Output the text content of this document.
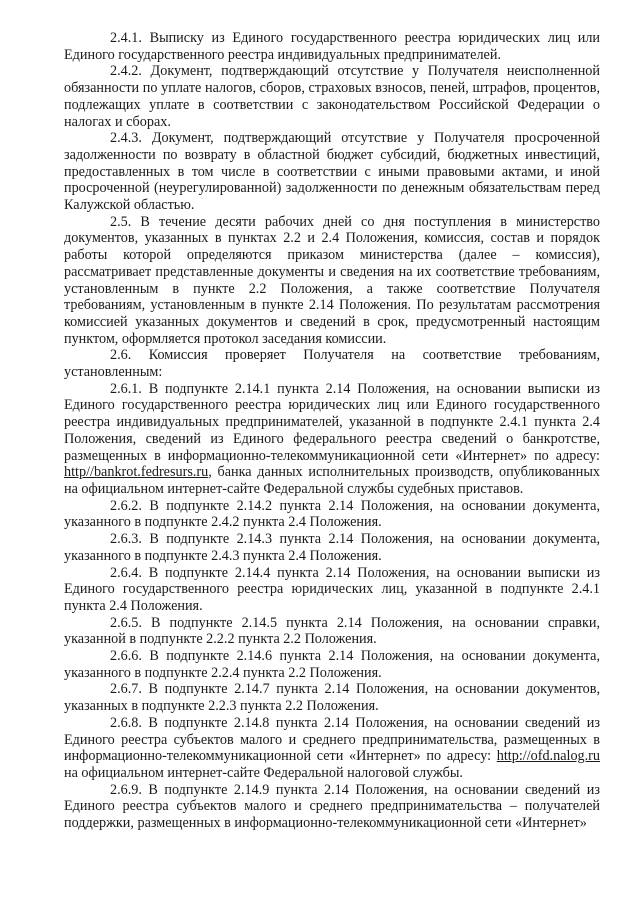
2.4.1. Выписку из Единого государственного реестра юридических лиц или Единого государственного реестра индивидуальных предпринимателей.

2.4.2. Документ, подтверждающий отсутствие у Получателя неисполненной обязанности по уплате налогов, сборов, страховых взносов, пеней, штрафов, процентов, подлежащих уплате в соответствии с законодательством Российской Федерации о налогах и сборах.

2.4.3. Документ, подтверждающий отсутствие у Получателя просроченной задолженности по возврату в областной бюджет субсидий, бюджетных инвестиций, предоставленных в том числе в соответствии с иными правовыми актами, и иной просроченной (неурегулированной) задолженности по денежным обязательствам перед Калужской областью.

2.5. В течение десяти рабочих дней со дня поступления в министерство документов, указанных в пунктах 2.2 и 2.4 Положения, комиссия, состав и порядок работы которой определяются приказом министерства (далее – комиссия), рассматривает представленные документы и сведения на их соответствие требованиям, установленным в пункте 2.2 Положения, а также соответствие Получателя требованиям, установленным в пункте 2.14 Положения. По результатам рассмотрения комиссией указанных документов и сведений в срок, предусмотренный настоящим пунктом, оформляется протокол заседания комиссии.

2.6. Комиссия проверяет Получателя на соответствие требованиям, установленным:

2.6.1. В подпункте 2.14.1 пункта 2.14 Положения, на основании выписки из Единого государственного реестра юридических лиц или Единого государственного реестра индивидуальных предпринимателей, указанной в подпункте 2.4.1 пункта 2.4 Положения, сведений из Единого федерального реестра сведений о банкротстве, размещенных в информационно-телекоммуникационной сети «Интернет» по адресу: http//bankrot.fedresurs.ru, банка данных исполнительных производств, опубликованных на официальном интернет-сайте Федеральной службы судебных приставов.

2.6.2. В подпункте 2.14.2 пункта 2.14 Положения, на основании документа, указанного в подпункте 2.4.2 пункта 2.4 Положения.

2.6.3. В подпункте 2.14.3 пункта 2.14 Положения, на основании документа, указанного в подпункте 2.4.3 пункта 2.4 Положения.

2.6.4. В подпункте 2.14.4 пункта 2.14 Положения, на основании выписки из Единого государственного реестра юридических лиц, указанной в подпункте 2.4.1 пункта 2.4 Положения.

2.6.5. В подпункте 2.14.5 пункта 2.14 Положения, на основании справки, указанной в подпункте 2.2.2 пункта 2.2 Положения.

2.6.6. В подпункте 2.14.6 пункта 2.14 Положения, на основании документа, указанного в подпункте 2.2.4 пункта 2.2 Положения.

2.6.7. В подпункте 2.14.7 пункта 2.14 Положения, на основании документов, указанных в подпункте 2.2.3 пункта 2.2 Положения.

2.6.8. В подпункте 2.14.8 пункта 2.14 Положения, на основании сведений из Единого реестра субъектов малого и среднего предпринимательства, размещенных в информационно-телекоммуникационной сети «Интернет» по адресу: http://ofd.nalog.ru на официальном интернет-сайте Федеральной налоговой службы.

2.6.9. В подпункте 2.14.9 пункта 2.14 Положения, на основании сведений из Единого реестра субъектов малого и среднего предпринимательства – получателей поддержки, размещенных в информационно-телекоммуникационной сети «Интернет»
